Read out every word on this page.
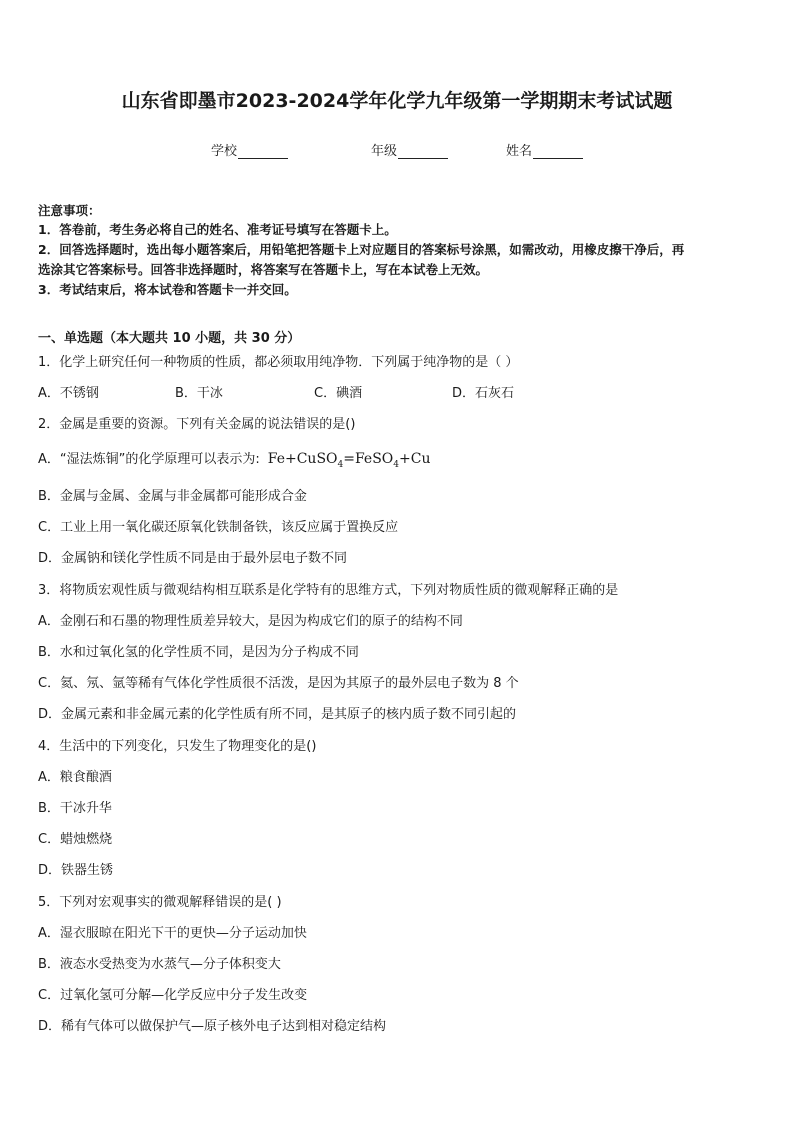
山东省即墨市2023-2024学年化学九年级第一学期期末考试试题
学校	年级	姓名
注意事项：
1．答卷前，考生务必将自己的姓名、准考证号填写在答题卡上。
2．回答选择题时，选出每小题答案后，用铅笔把答题卡上对应题目的答案标号涂黑，如需改动，用橡皮擦干净后，再
选涂其它答案标号。回答非选择题时，将答案写在答题卡上，写在本试卷上无效。
3．考试结束后，将本试卷和答题卡一并交回。
一、单选题（本大题共 10 小题，共 30 分）
1．化学上研究任何一种物质的性质，都必须取用纯净物．下列属于纯净物的是（ ）
A．不锈钢	B．干冰	C．碘酒	D．石灰石
2．金属是重要的资源。下列有关金属的说法错误的是()
A．“湿法炼铜”的化学原理可以表示为: Fe+CuSO$_4$=FeSO$_4$+Cu
B．金属与金属、金属与非金属都可能形成合金
C．工业上用一氧化碳还原氧化铁制备铁，该反应属于置换反应
D．金属钠和镁化学性质不同是由于最外层电子数不同
3．将物质宏观性质与微观结构相互联系是化学特有的思维方式，下列对物质性质的微观解释正确的是
A．金刚石和石墨的物理性质差异较大，是因为构成它们的原子的结构不同
B．水和过氧化氢的化学性质不同，是因为分子构成不同
C．氦、氖、氩等稀有气体化学性质很不活泼，是因为其原子的最外层电子数为 8 个
D．金属元素和非金属元素的化学性质有所不同，是其原子的核内质子数不同引起的
4．生活中的下列变化，只发生了物理变化的是()
A．粮食酿酒
B．干冰升华
C．蜡烛燃烧
D．铁器生锈
5．下列对宏观事实的微观解释错误的是( )
A．湿衣服晾在阳光下干的更快—分子运动加快
B．液态水受热变为水蒸气—分子体积变大
C．过氧化氢可分解—化学反应中分子发生改变
D．稀有气体可以做保护气—原子核外电子达到相对稳定结构
